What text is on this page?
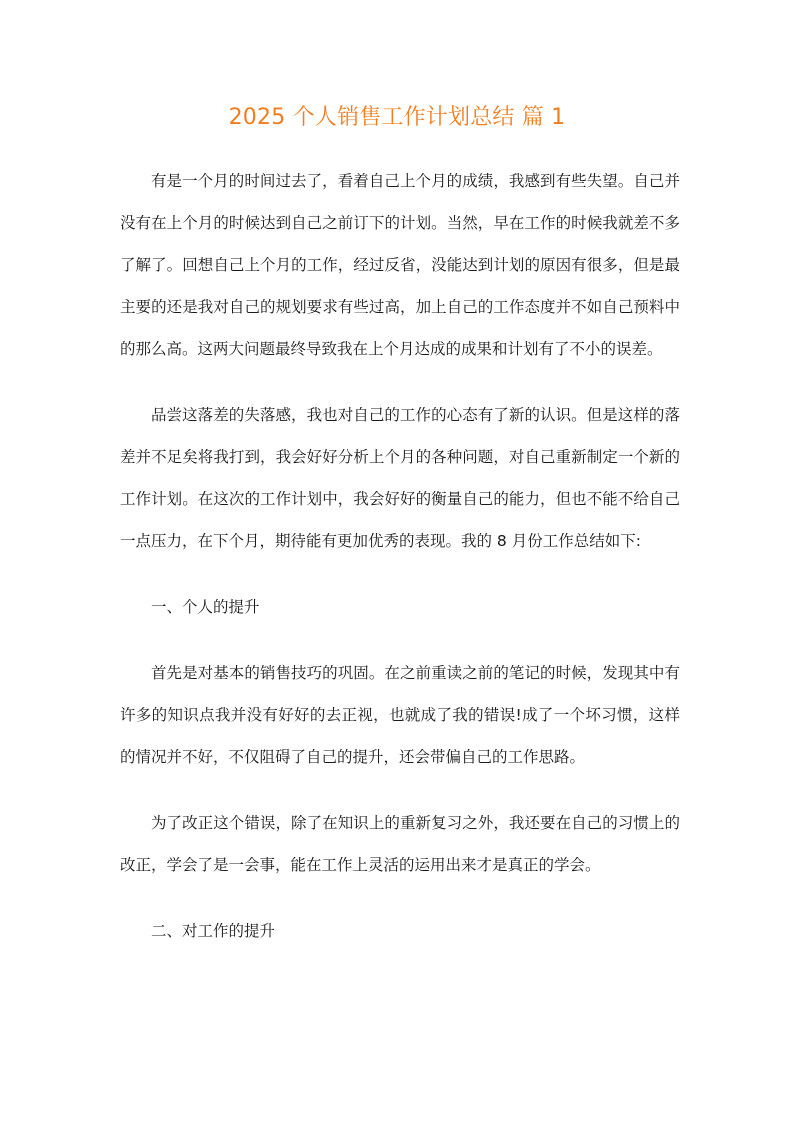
2025 个人销售工作计划总结 篇 1

有是一个月的时间过去了，看着自己上个月的成绩，我感到有些失望。自己并没有在上个月的时候达到自己之前订下的计划。当然，早在工作的时候我就差不多了解了。回想自己上个月的工作，经过反省，没能达到计划的原因有很多，但是最主要的还是我对自己的规划要求有些过高，加上自己的工作态度并不如自己预料中的那么高。这两大问题最终导致我在上个月达成的成果和计划有了不小的误差。

品尝这落差的失落感，我也对自己的工作的心态有了新的认识。但是这样的落差并不足矣将我打到，我会好好分析上个月的各种问题，对自己重新制定一个新的工作计划。在这次的工作计划中，我会好好的衡量自己的能力，但也不能不给自己一点压力，在下个月，期待能有更加优秀的表现。我的 8 月份工作总结如下:

一、个人的提升

首先是对基本的销售技巧的巩固。在之前重读之前的笔记的时候，发现其中有许多的知识点我并没有好好的去正视，也就成了我的错误!成了一个坏习惯，这样的情况并不好，不仅阻碍了自己的提升，还会带偏自己的工作思路。

为了改正这个错误，除了在知识上的重新复习之外，我还要在自己的习惯上的改正，学会了是一会事，能在工作上灵活的运用出来才是真正的学会。

二、对工作的提升
